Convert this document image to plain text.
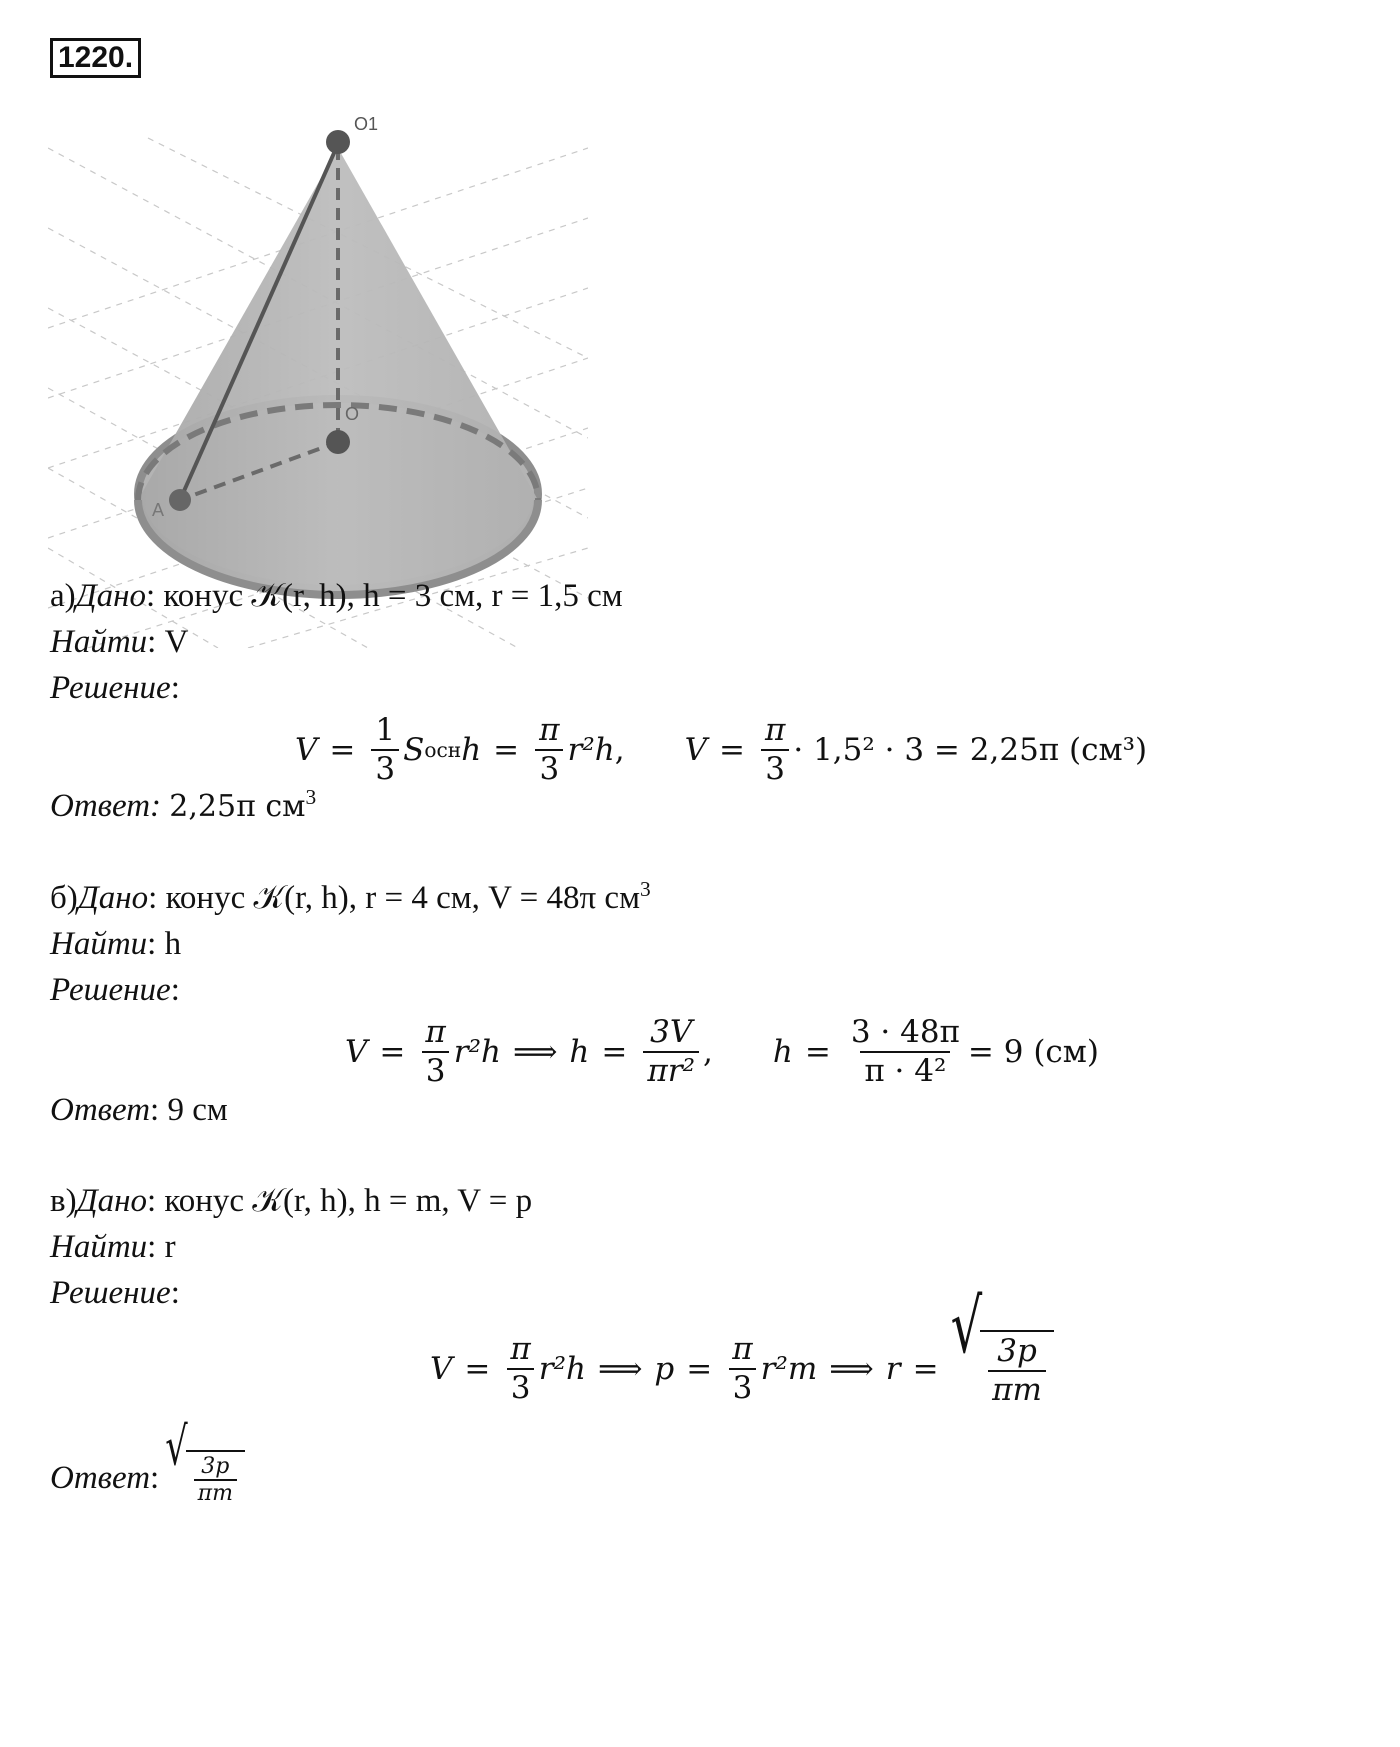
1220.
O1
O
A
а)Дано: конус 𝒦(r, h), h = 3 см, r = 1,5 см
Найти: V
Решение:
$V = \frac{1}{3}$ S осн $h = \frac{\pi}{3} r^2h$ , $V = \frac{\pi}{3} \cdot 1,5^2 \cdot 3 = 2,25\pi$ (см³)
Ответ: 2,25π $см^3$
б)Дано: конус 𝒦(r, h), r = 4 см, V = 48π $см^3$
Найти: h
Решение:
$V = \frac{\pi}{3} r^2h$ ⟹ $h = \frac{3V}{\text{πr²}}$ , $h = \frac{3 \cdot 48\pi}{\text{π · 4²}} = 9$ (см)
Ответ: 9 см
в)Дано: конус 𝒦(r, h), h = m, V = p
Найти: r
Решение:
$V = \frac{\pi}{3} r^2h$ ⟹ $p = \frac{\pi}{3} r^2m$ ⟹ r = √
$\frac{3p}{\pi m}$
Ответ :
√
$\frac{3p}{\pi m}$
